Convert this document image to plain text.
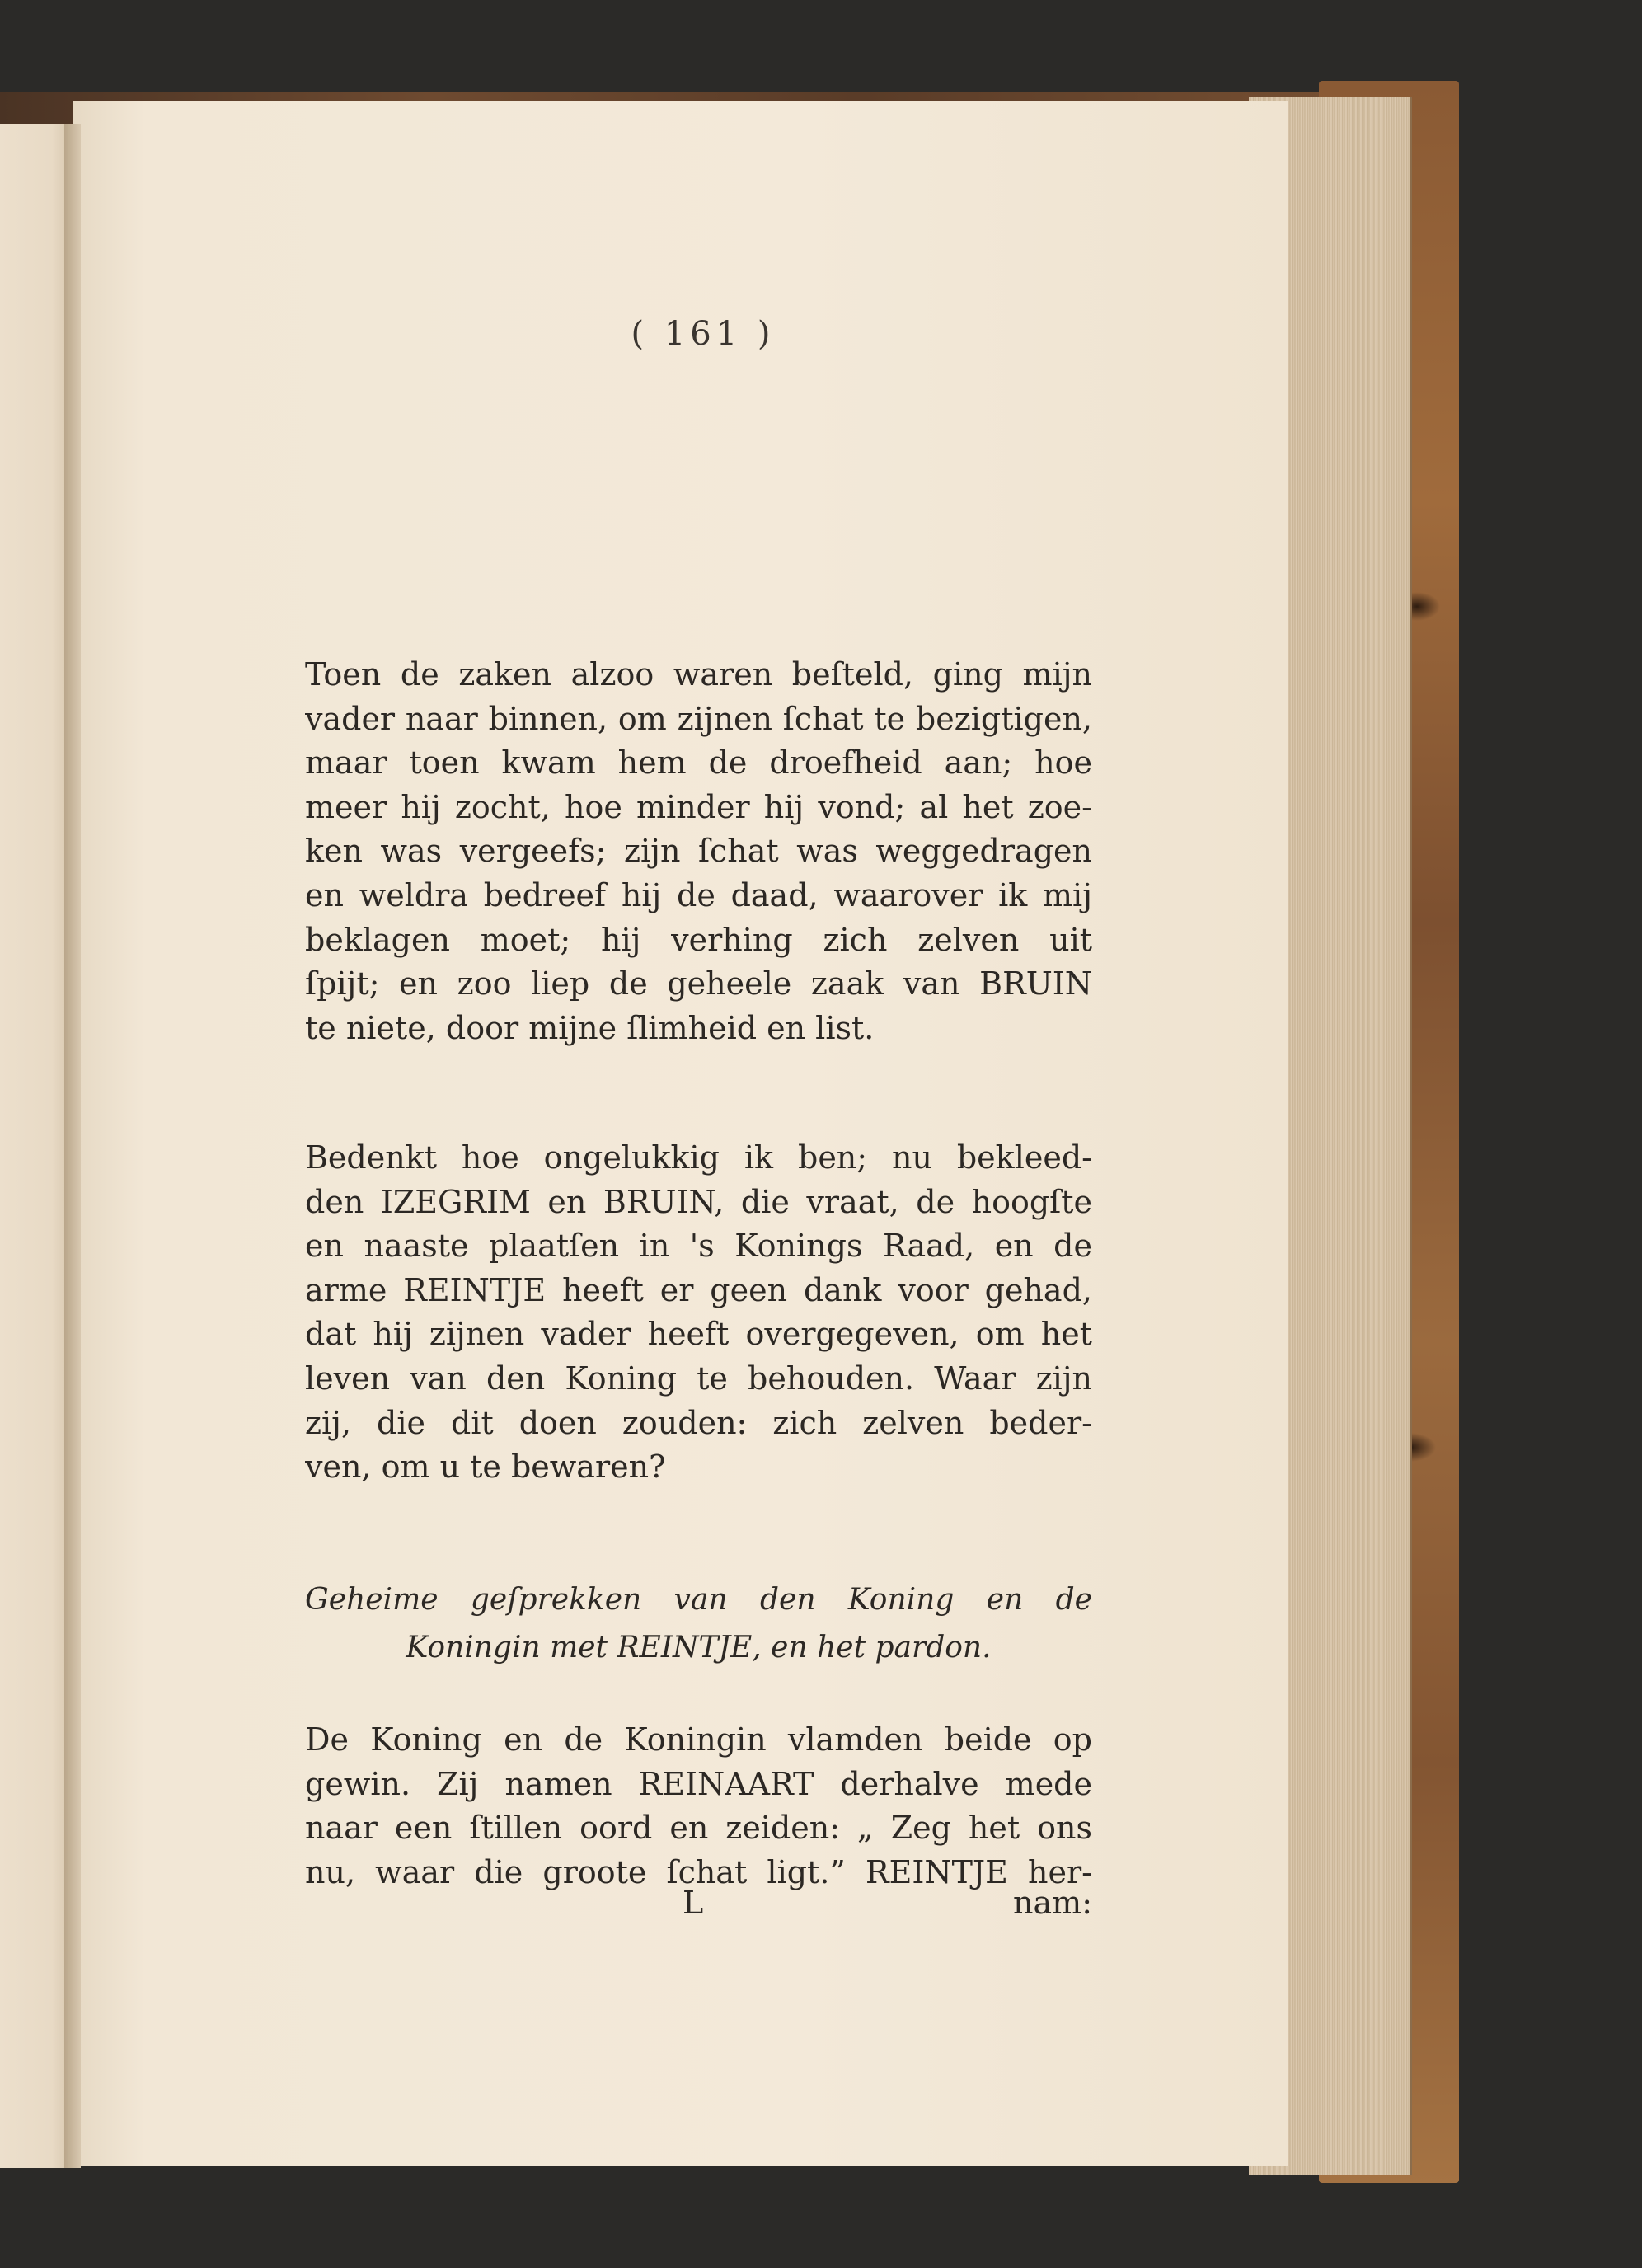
( 161 )
Toen de zaken alzoo waren beſteld, ging mijn
vader naar binnen, om zijnen ſchat te bezigtigen,
maar toen kwam hem de droefheid aan; hoe
meer hij zocht, hoe minder hij vond; al het zoe-
ken was vergeefs; zijn ſchat was weggedragen
en weldra bedreef hij de daad, waarover ik mij
beklagen moet; hij verhing zich zelven uit
ſpijt; en zoo liep de geheele zaak van BRUIN
te niete, door mijne ſlimheid en list.
Bedenkt hoe ongelukkig ik ben; nu bekleed-
den IZEGRIM en BRUIN, die vraat, de hoogſte
en naaste plaatſen in 's Konings Raad, en de
arme REINTJE heeft er geen dank voor gehad,
dat hij zijnen vader heeft overgegeven, om het
leven van den Koning te behouden. Waar zijn
zij, die dit doen zouden: zich zelven beder-
ven, om u te bewaren?
Geheime geſprekken van den Koning en de
Koningin met REINTJE, en het pardon.
De Koning en de Koningin vlamden beide op
gewin. Zij namen REINAART derhalve mede
naar een ſtillen oord en zeiden: „ Zeg het ons
nu, waar die groote ſchat ligt.” REINTJE her-
L	nam:
